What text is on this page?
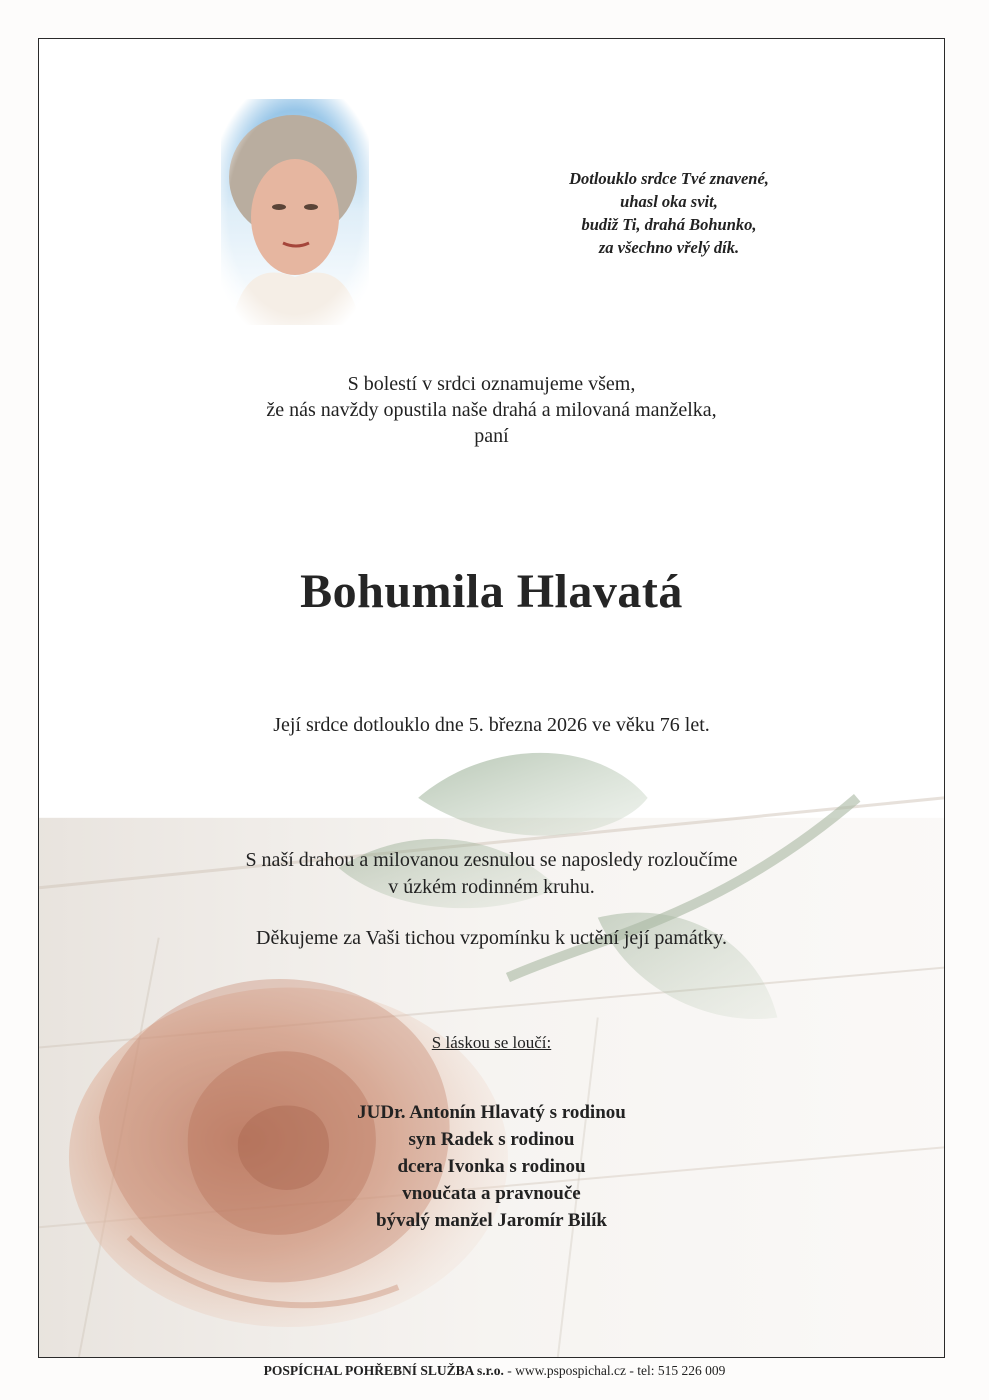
Dotlouklo srdce Tvé znavené,
uhasl oka svit,
budiž Ti, drahá Bohunko,
za všechno vřelý dík.
S bolestí v srdci oznamujeme všem,
že nás navždy opustila naše drahá a milovaná manželka,
paní
Bohumila Hlavatá
Její srdce dotlouklo dne 5. března 2026 ve věku 76 let.
S naší drahou a milovanou zesnulou se naposledy rozloučíme
v úzkém rodinném kruhu.
Děkujeme za Vaši tichou vzpomínku k uctění její památky.
S láskou se loučí:
JUDr. Antonín Hlavatý s rodinou
syn Radek s rodinou
dcera Ivonka s rodinou
vnoučata a pravnouče
bývalý manžel Jaromír Bilík
POSPÍCHAL POHŘEBNÍ SLUŽBA s.r.o. - www.pspospichal.cz - tel: 515 226 009
